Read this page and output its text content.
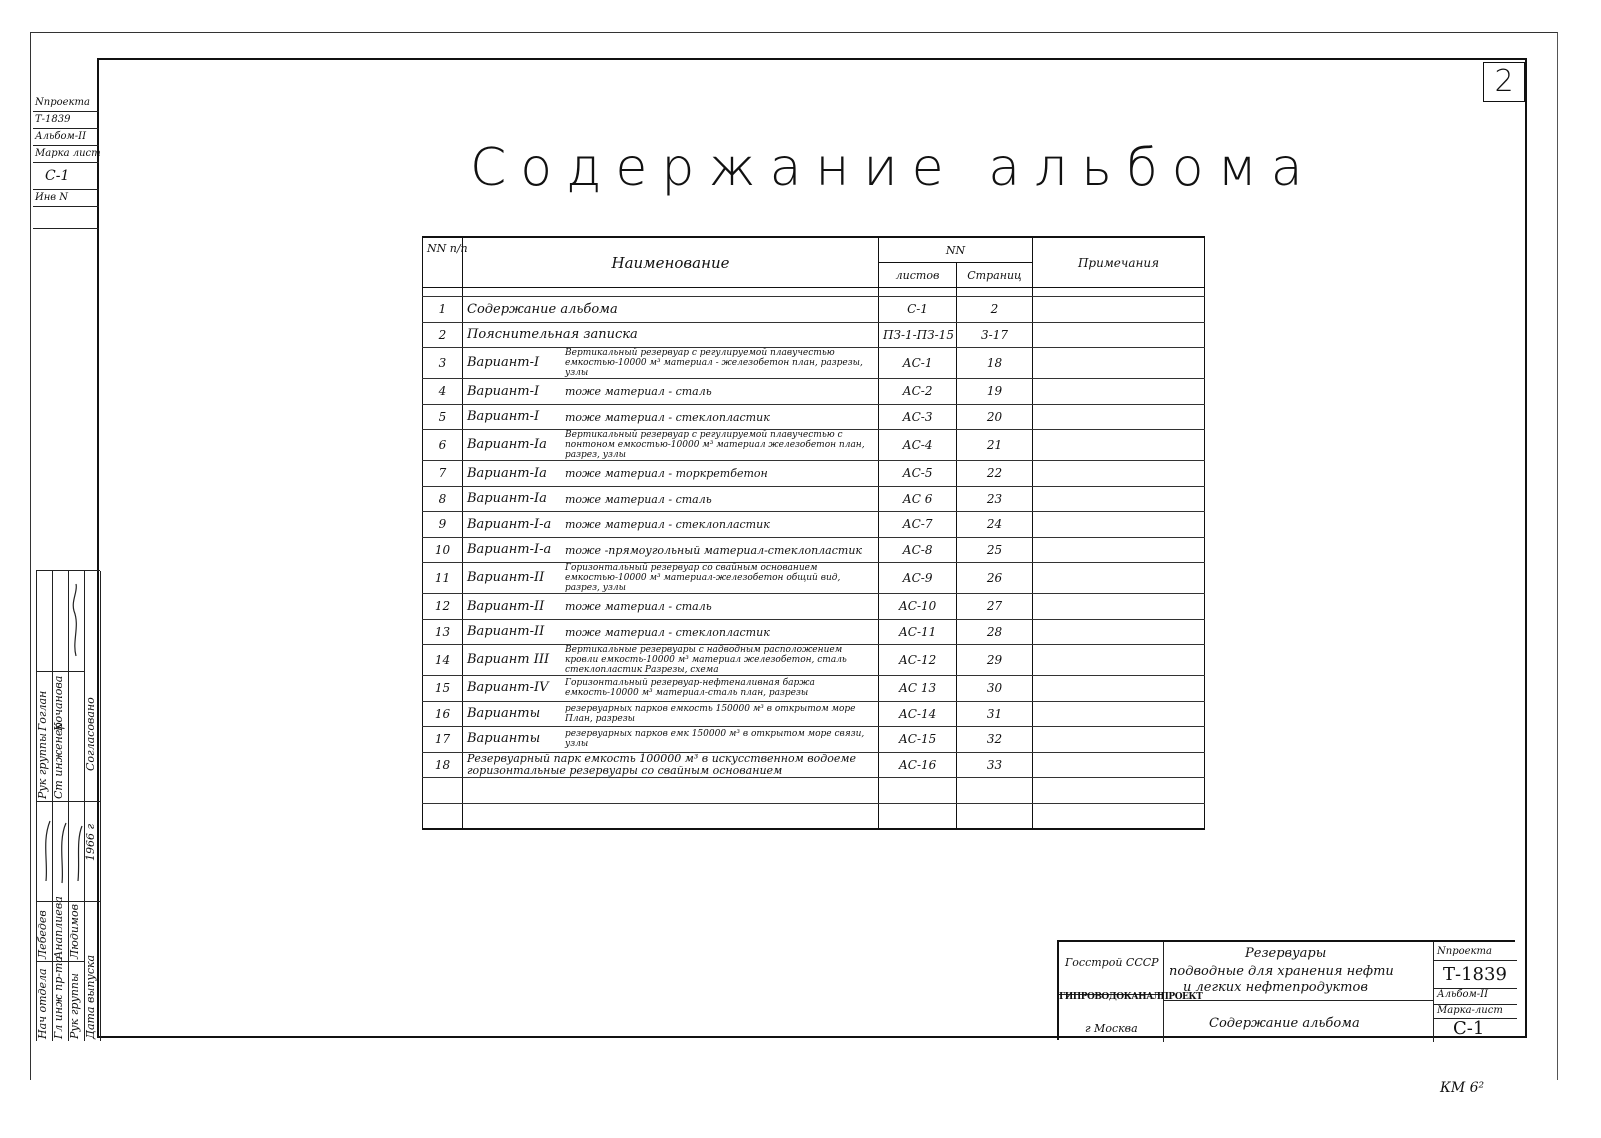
2
Содержание альбома
Nпроекта
Т-1839
Альбом-II
Марка лист
С-1
Инв N
Рук группы
Гоглан
Ст инженер
Кочанова Согласовано
Нач отдела
Лебедев
Гл инж пр-та
Анаплиева
Рук группы
Людимов
Дата выпуска
1966 г
NN п/п	Наименование	NN		Примечания
		листов	Страниц	

1	Содержание альбома	С-1	2	
2	Пояснительная записка	ПЗ-1-ПЗ-15	3-17	
3	Вариант-IВертикальный резервуар с регулируемой плавучестью емкостью-10000 м³ материал - железобетон план, разрезы, узлы	АС-1	18	
4	Вариант-I тоже материал - сталь	АС-2	19	
5	Вариант-I тоже материал - стеклопластик	АС-3	20	
6	Вариант-IаВертикальный резервуар с регулируемой плавучестью с понтоном емкостью-10000 м³ материал железобетон план, разрез, узлы	АС-4	21	
7	Вариант-Iа тоже материал - торкретбетон	АС-5	22	
8	Вариант-Iа тоже материал - сталь	АС 6	23	
9	Вариант-I-а тоже материал - стеклопластик	АС-7	24	
10	Вариант-I-а тоже -прямоугольный материал-стеклопластик	АС-8	25	
11	Вариант-IIГоризонтальный резервуар со свайным основанием емкостью-10000 м³ материал-железобетон общий вид, разрез, узлы	АС-9	26	
12	Вариант-II тоже материал - сталь	АС-10	27	
13	Вариант-II тоже материал - стеклопластик	АС-11	28	
14	Вариант IIIВертикальные резервуары с надводным расположением кровли емкость-10000 м³ материал железобетон, сталь стеклопластик Разрезы, схема	АС-12	29	
15	Вариант-IV Горизонтальный резервуар-нефтеналивная баржа емкость-10000 м³ материал-сталь план, разрезы	АС 13	30	
16	Варианты резервуарных парков емкость 150000 м³ в открытом море План, разрезы	АС-14	31	
17	Варианты резервуарных парков емк 150000 м³ в открытом море связи, узлы	АС-15	32	
18	Резервуарный парк емкость 100000 м³ в искусственном водоеме
горизонтальные резервуары со свайным основанием	АС-16	33	

Госстрой СССР
ГИПРОВОДОКАНАЛПРОЕКТ
г Москва
Резервуары
подводные для хранения нефти
и легких нефтепродуктов
Содержание альбома
Nпроекта
Т-1839
Альбом-II
Марка-лист
С-1
КМ 6²
